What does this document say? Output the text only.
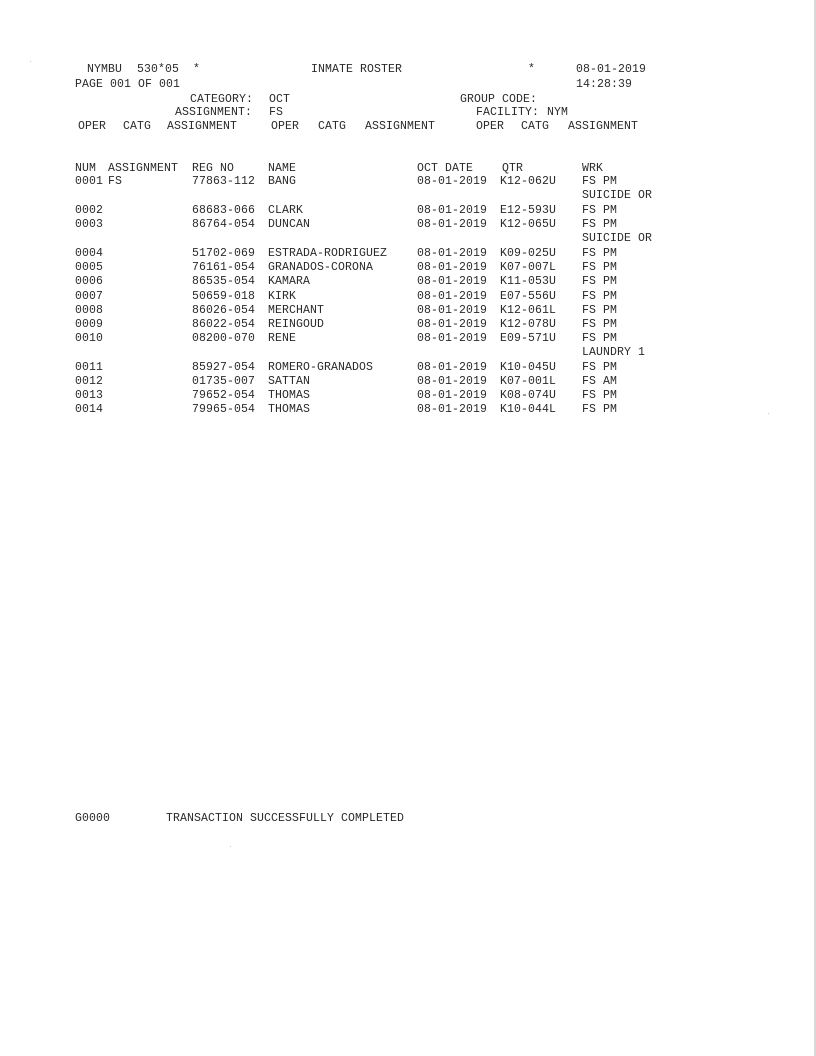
NYMBU 530*05 *	INMATE ROSTER	*	08-01-2019
PAGE 001 OF 001	14:28:39
CATEGORY: OCT	GROUP CODE:
ASSIGNMENT: FS	FACILITY: NYM
OPER CATG ASSIGNMENT	OPER CATG ASSIGNMENT	OPER CATG ASSIGNMENT
NUM ASSIGNMENT REG NO	NAME	OCT DATE	QTR	WRK
0001 FS	77863-112 BANG	08-01-2019 K12-062U FS PM
SUICIDE OR
0002	68683-066 CLARK	08-01-2019 E12-593U FS PM
0003	86764-054 DUNCAN	08-01-2019 K12-065U FS PM
SUICIDE OR
0004	51702-069 ESTRADA-RODRIGUEZ	08-01-2019 K09-025U FS PM
0005	76161-054 GRANADOS-CORONA	08-01-2019 K07-007L FS PM
0006	86535-054 KAMARA	08-01-2019 K11-053U FS PM
0007	50659-018 KIRK	08-01-2019 E07-556U FS PM
0008	86026-054 MERCHANT	08-01-2019 K12-061L FS PM
0009	86022-054 REINGOUD	08-01-2019 K12-078U FS PM
0010	08200-070 RENE	08-01-2019 E09-571U FS PM
LAUNDRY 1
0011	85927-054 ROMERO-GRANADOS	08-01-2019 K10-045U FS PM
0012	01735-007 SATTAN	08-01-2019 K07-001L FS AM
0013	79652-054 THOMAS	08-01-2019 K08-074U FS PM
0014	79965-054 THOMAS	08-01-2019 K10-044L FS PM
G0000	TRANSACTION SUCCESSFULLY COMPLETED
